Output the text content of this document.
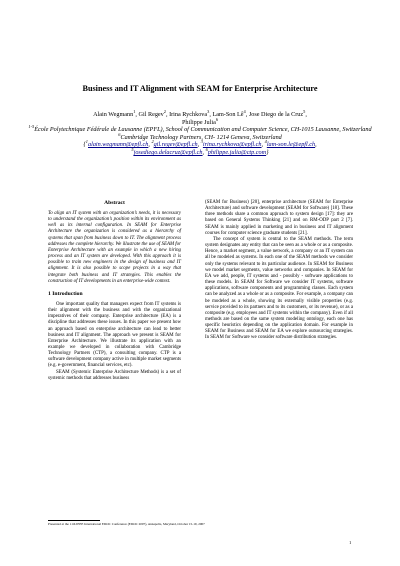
Business and IT Alignment with SEAM for Enterprise Architecture
Alain Wegmann$^1$, Gil Regev$^2$, Irina Rychkova$^3$, Lam-Son $Lê^4$, Jose Diego de la Cruz$^5$,
Philippe Julia$^6$
$^{1-5}$École Polytechnique Fédérale de Lausanne (EPFL), School of Communication and Computer Science, CH-1015 Lausanne, Switzerland
$^6$Cambridge Technology Partners, CH- 1214 Geneva, Switzerland
{$^1$alain.wegmann@epfl.ch, $^2$gil.regev@epfl.ch, $^3$irina.rychkova@epfl.ch, $^4$lam-son.le@epfl.ch,
$^5$josediego.delacruz@epfl.ch, $^6$philippe.julia@ctp.com}
Abstract

To align an IT system with an organization’s needs, it is necessary to understand the organization’s position within its environment as well as its internal configuration. In SEAM for Enterprise Architecture the organization is considered as a hierarchy of systems that span from business down to IT. The alignment process addresses the complete hierarchy. We illustrate the use of SEAM for Enterprise Architecture with an example in which a new hiring process and an IT system are developed. With this approach it is possible to train new engineers in the design of business and IT alignment. It is also possible to scope projects in a way that integrate both business and IT strategies. This enables the construction of IT developments in an enterprise-wide context.

1 Introduction

One important quality that managers expect from IT systems is their alignment with the business and with the organizational imperatives of their company. Enterprise architecture (EA) is a discipline that addresses these issues. In this paper we present how an approach based on enterprise architecture can lead to better business and IT alignment. The approach we present is SEAM for Enterprise Architecture. We illustrate its application with an example we developed in collaboration with Cambridge Technology Partners (CTP), a consulting company. CTP is a software development company active in multiple market segments (e.g. e-government, financial services, etc).

SEAM (Systemic Enterprise Architecture Methods) is a set of systemic methods that addresses business

(SEAM for Business) [20], enterprise architecture (SEAM for Enterprise Architecture) and software development (SEAM for Software) [18]. These three methods share a common approach to system design [17]: they are based on General Systems Thinking [21] and on RM-ODP part 2 [7]. SEAM is mainly applied in marketing and in business and IT alignment courses for computer science graduate students [21].

The concept of system is central to the SEAM methods. The term system designates any entity that can be seen as a whole or as a composite. Hence, a market segment, a value network, a company or an IT system can all be modeled as systems. In each one of the SEAM methods we consider only the systems relevant to its particular audience. In SEAM for Business we model market segments, value networks and companies. In SEAM for EA we add, people, IT systems and - possibly - software applications to these models. In SEAM for Software we consider IT systems, software applications, software components and programming classes. Each system can be analyzed as a whole or as a composite. For example, a company can be modeled as a whole, showing its externally visible properties (e.g. service provided to its partners and to its customers, or its revenue), or as a composite (e.g. employees and IT systems within the company). Even if all methods are based on the same system modeling ontology, each one has specific heuristics depending on the application domain. For example in SEAM for Business and SEAM for EA we explore outsourcing strategies. In SEAM for Software we consider software distribution strategies.

Presented at the 11th IEEE International EDOC Conference (EDOC 2007), Annapolis, Maryland, October 15-19, 2007
1
